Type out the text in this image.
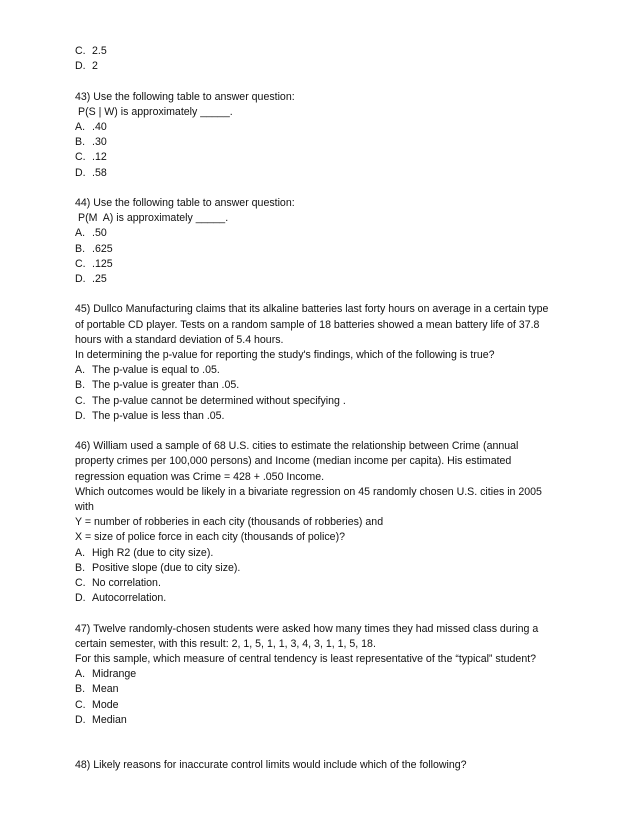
C. 2.5
D. 2

43) Use the following table to answer question:

P(S | W) is approximately _____.

A. .40
B. .30
C. .12
D. .58

44) Use the following table to answer question:

P(M  A) is approximately _____.

A. .50
B. .625
C. .125
D. .25

45) Dullco Manufacturing claims that its alkaline batteries last forty hours on average in a certain type

of portable CD player. Tests on a random sample of 18 batteries showed a mean battery life of 37.8

hours with a standard deviation of 5.4 hours.

In determining the p-value for reporting the study's findings, which of the following is true?

A. The p-value is equal to .05.
B. The p-value is greater than .05.
C. The p-value cannot be determined without specifying .
D. The p-value is less than .05.

46) William used a sample of 68 U.S. cities to estimate the relationship between Crime (annual

property crimes per 100,000 persons) and Income (median income per capita). His estimated

regression equation was Crime = 428 + .050 Income.

Which outcomes would be likely in a bivariate regression on 45 randomly chosen U.S. cities in 2005

with

Y = number of robberies in each city (thousands of robberies) and

X = size of police force in each city (thousands of police)?

A. High R2 (due to city size).
B. Positive slope (due to city size).
C. No correlation.
D. Autocorrelation.

47) Twelve randomly-chosen students were asked how many times they had missed class during a

certain semester, with this result: 2, 1, 5, 1, 1, 3, 4, 3, 1, 1, 5, 18.

For this sample, which measure of central tendency is least representative of the “typical” student?

A. Midrange
B. Mean
C. Mode
D. Median

48) Likely reasons for inaccurate control limits would include which of the following?
